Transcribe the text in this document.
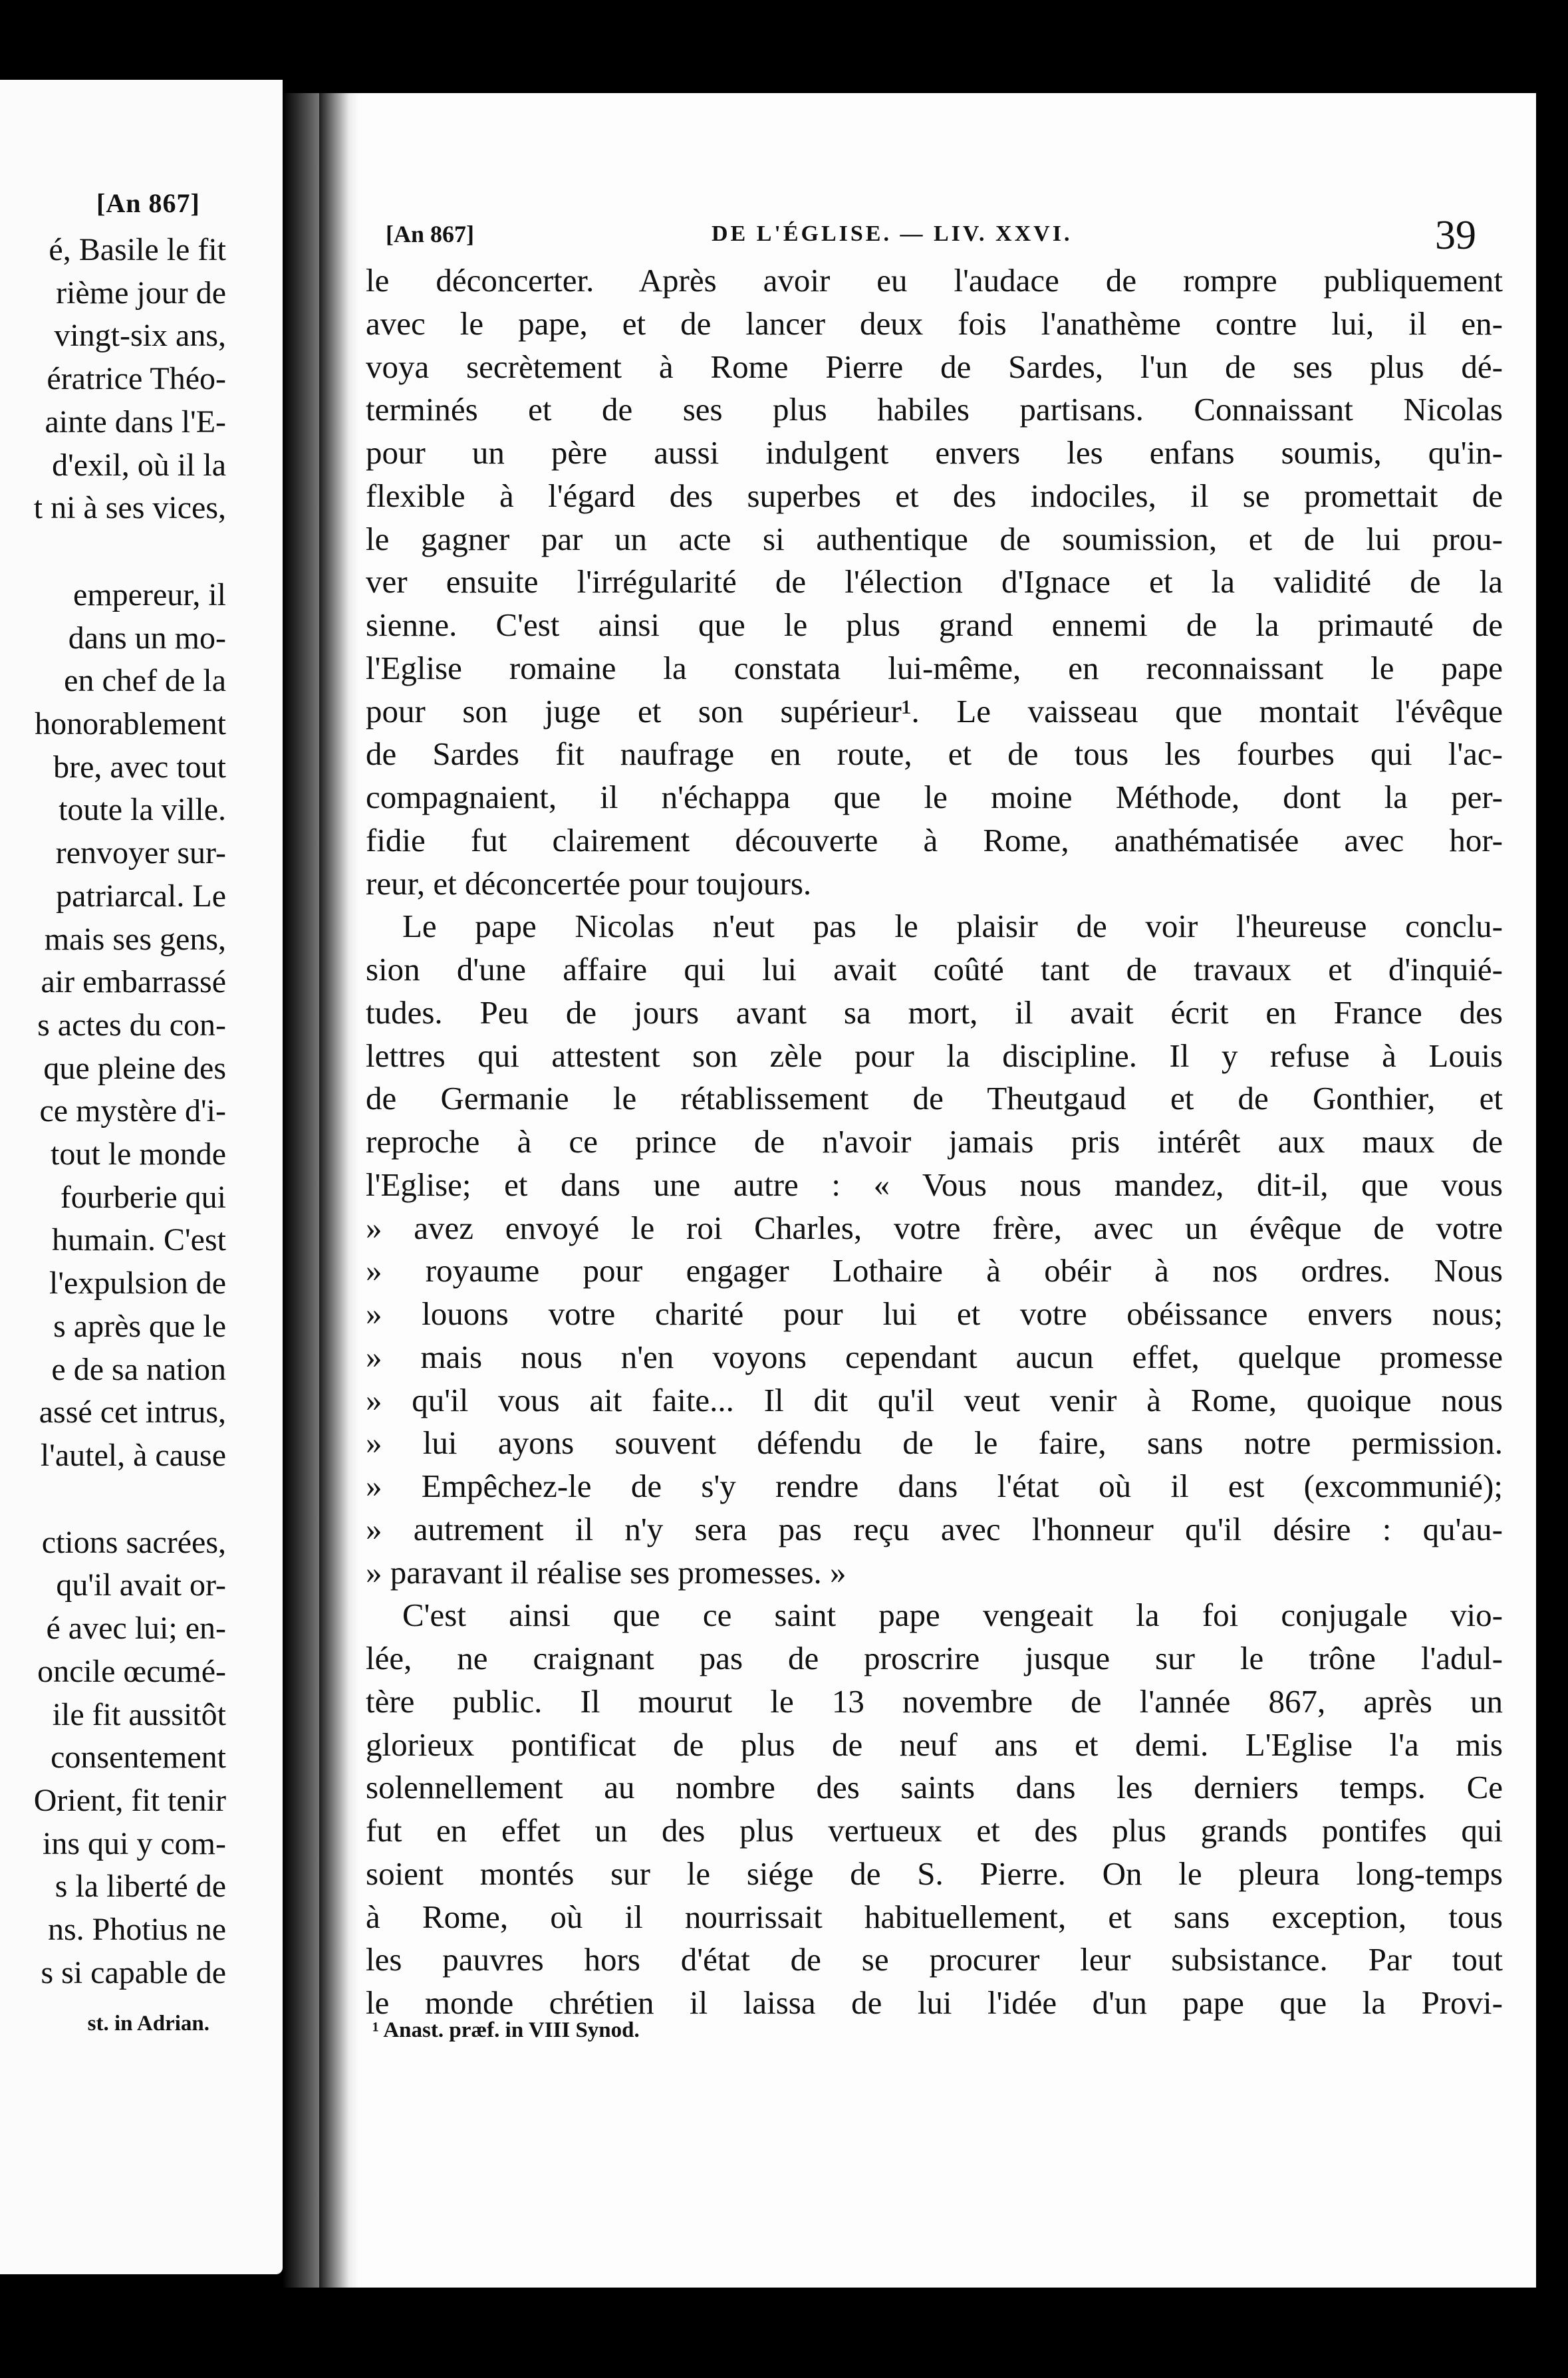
[An 867]
é, Basile le fit
rième jour de
vingt-six ans,
ératrice Théo-
ainte dans l'E-
d'exil, où il la
t ni à ses vices,
empereur, il
dans un mo-
en chef de la
honorablement
bre, avec tout
toute la ville.
renvoyer sur-
patriarcal. Le
mais ses gens,
air embarrassé
s actes du con-
que pleine des
ce mystère d'i-
tout le monde
fourberie qui
humain. C'est
l'expulsion de
s après que le
e de sa nation
assé cet intrus,
l'autel, à cause
ctions sacrées,
qu'il avait or-
é avec lui; en-
oncile œcumé-
ile fit aussitôt
consentement
Orient, fit tenir
ins qui y com-
s la liberté de
ns. Photius ne
s si capable de
st. in Adrian.
[An 867]	DE L'ÉGLISE. — LIV. XXVI.	39
le déconcerter. Après avoir eu l'audace de rompre publiquement
avec le pape, et de lancer deux fois l'anathème contre lui, il en-
voya secrètement à Rome Pierre de Sardes, l'un de ses plus dé-
terminés et de ses plus habiles partisans. Connaissant Nicolas
pour un père aussi indulgent envers les enfans soumis, qu'in-
flexible à l'égard des superbes et des indociles, il se promettait de
le gagner par un acte si authentique de soumission, et de lui prou-
ver ensuite l'irrégularité de l'élection d'Ignace et la validité de la
sienne. C'est ainsi que le plus grand ennemi de la primauté de
l'Eglise romaine la constata lui-même, en reconnaissant le pape
pour son juge et son supérieur¹. Le vaisseau que montait l'évêque
de Sardes fit naufrage en route, et de tous les fourbes qui l'ac-
compagnaient, il n'échappa que le moine Méthode, dont la per-
fidie fut clairement découverte à Rome, anathématisée avec hor-
reur, et déconcertée pour toujours.
Le pape Nicolas n'eut pas le plaisir de voir l'heureuse conclu-
sion d'une affaire qui lui avait coûté tant de travaux et d'inquié-
tudes. Peu de jours avant sa mort, il avait écrit en France des
lettres qui attestent son zèle pour la discipline. Il y refuse à Louis
de Germanie le rétablissement de Theutgaud et de Gonthier, et
reproche à ce prince de n'avoir jamais pris intérêt aux maux de
l'Eglise; et dans une autre : « Vous nous mandez, dit-il, que vous
» avez envoyé le roi Charles, votre frère, avec un évêque de votre
» royaume pour engager Lothaire à obéir à nos ordres. Nous
» louons votre charité pour lui et votre obéissance envers nous;
» mais nous n'en voyons cependant aucun effet, quelque promesse
» qu'il vous ait faite... Il dit qu'il veut venir à Rome, quoique nous
» lui ayons souvent défendu de le faire, sans notre permission.
» Empêchez-le de s'y rendre dans l'état où il est (excommunié);
» autrement il n'y sera pas reçu avec l'honneur qu'il désire : qu'au-
» paravant il réalise ses promesses. »
C'est ainsi que ce saint pape vengeait la foi conjugale vio-
lée, ne craignant pas de proscrire jusque sur le trône l'adul-
tère public. Il mourut le 13 novembre de l'année 867, après un
glorieux pontificat de plus de neuf ans et demi. L'Eglise l'a mis
solennellement au nombre des saints dans les derniers temps. Ce
fut en effet un des plus vertueux et des plus grands pontifes qui
soient montés sur le siége de S. Pierre. On le pleura long-temps
à Rome, où il nourrissait habituellement, et sans exception, tous
les pauvres hors d'état de se procurer leur subsistance. Par tout
le monde chrétien il laissa de lui l'idée d'un pape que la Provi-
¹ Anast. præf. in VIII Synod.
